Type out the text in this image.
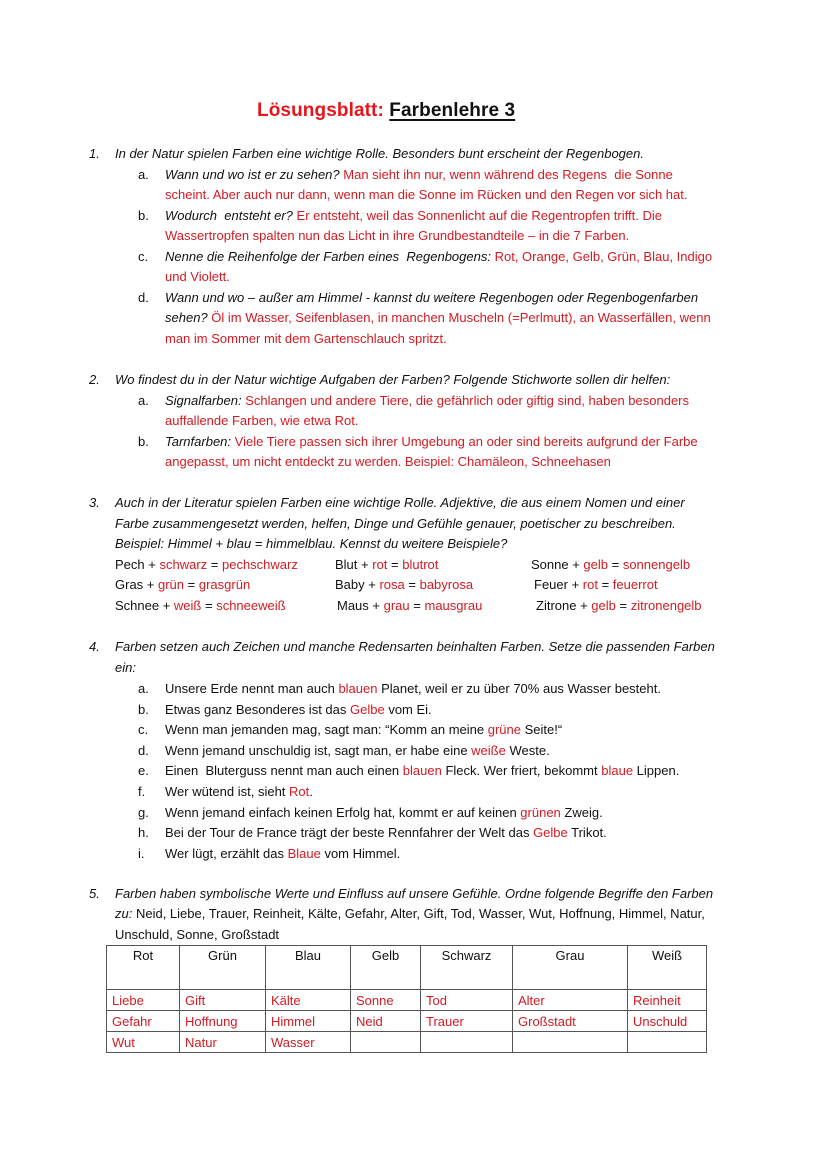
Lösungsblatt: Farbenlehre 3
1. In der Natur spielen Farben eine wichtige Rolle. Besonders bunt erscheint der Regenbogen.
a. Wann und wo ist er zu sehen? Man sieht ihn nur, wenn während des Regens  die Sonne
scheint. Aber auch nur dann, wenn man die Sonne im Rücken und den Regen vor sich hat.
b. Wodurch  entsteht er? Er entsteht, weil das Sonnenlicht auf die Regentropfen trifft. Die
Wassertropfen spalten nun das Licht in ihre Grundbestandteile – in die 7 Farben.
c. Nenne die Reihenfolge der Farben eines  Regenbogens: Rot, Orange, Gelb, Grün, Blau, Indigo
und Violett.
d. Wann und wo – außer am Himmel - kannst du weitere Regenbogen oder Regenbogenfarben
sehen? Öl im Wasser, Seifenblasen, in manchen Muscheln (=Perlmutt), an Wasserfällen, wenn
man im Sommer mit dem Gartenschlauch spritzt.
2. Wo findest du in der Natur wichtige Aufgaben der Farben? Folgende Stichworte sollen dir helfen:
a. Signalfarben: Schlangen und andere Tiere, die gefährlich oder giftig sind, haben besonders
auffallende Farben, wie etwa Rot.
b. Tarnfarben: Viele Tiere passen sich ihrer Umgebung an oder sind bereits aufgrund der Farbe
angepasst, um nicht entdeckt zu werden. Beispiel: Chamäleon, Schneehasen
3. Auch in der Literatur spielen Farben eine wichtige Rolle. Adjektive, die aus einem Nomen und einer
Farbe zusammengesetzt werden, helfen, Dinge und Gefühle genauer, poetischer zu beschreiben.
Beispiel: Himmel + blau = himmelblau. Kennst du weitere Beispiele?
Pech + schwarz = pechschwarz	Blut + rot = blutrot	Sonne + gelb = sonnengelb
Gras + grün = grasgrün	Baby + rosa = babyrosa	Feuer + rot = feuerrot
Schnee + weiß = schneeweiß	Maus + grau = mausgrau	Zitrone + gelb = zitronengelb
4. Farben setzen auch Zeichen und manche Redensarten beinhalten Farben. Setze die passenden Farben
ein:
a. Unsere Erde nennt man auch blauen Planet, weil er zu über 70% aus Wasser besteht.
b. Etwas ganz Besonderes ist das Gelbe vom Ei.
c. Wenn man jemanden mag, sagt man: “Komm an meine grüne Seite!“
d. Wenn jemand unschuldig ist, sagt man, er habe eine weiße Weste.
e. Einen  Bluterguss nennt man auch einen blauen Fleck. Wer friert, bekommt blaue Lippen.
f. Wer wütend ist, sieht Rot.
g. Wenn jemand einfach keinen Erfolg hat, kommt er auf keinen grünen Zweig.
h. Bei der Tour de France trägt der beste Rennfahrer der Welt das Gelbe Trikot.
i. Wer lügt, erzählt das Blaue vom Himmel.
5. Farben haben symbolische Werte und Einfluss auf unsere Gefühle. Ordne folgende Begriffe den Farben
zu: Neid, Liebe, Trauer, Reinheit, Kälte, Gefahr, Alter, Gift, Tod, Wasser, Wut, Hoffnung, Himmel, Natur,
Unschuld, Sonne, Großstadt
Rot	Grün	Blau	Gelb	Schwarz	Grau	Weiß
Liebe	Gift	Kälte	Sonne	Tod	Alter	Reinheit
Gefahr	Hoffnung	Himmel	Neid	Trauer	Großstadt	Unschuld
Wut	Natur	Wasser				
